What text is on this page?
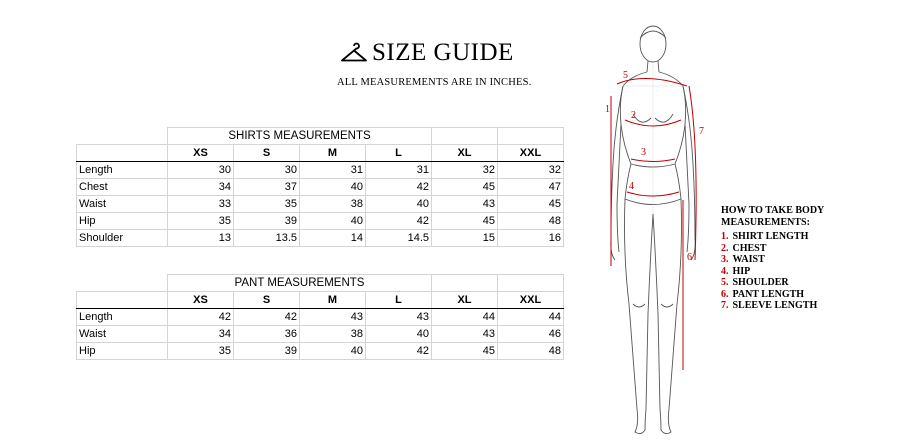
SIZE GUIDE
ALL MEASUREMENTS ARE IN INCHES.
	SHIRTS MEASUREMENTS					
	XS	S	M	L	XL	XXL
Length	30	30	31	31	32	32
Chest	34	37	40	42	45	47
Waist	33	35	38	40	43	45
Hip	35	39	40	42	45	48
Shoulder	13	13.5	14	14.5	15	16
	PANT MEASUREMENTS					
	XS	S	M	L	XL	XXL
Length	42	42	43	43	44	44
Waist	34	36	38	40	43	46
Hip	35	39	40	42	45	48
1
2
3
4
5
6
7
HOW TO TAKE BODY
MEASUREMENTS:
1. SHIRT LENGTH
2. CHEST
3. WAIST
4. HIP
5. SHOULDER
6. PANT LENGTH
7. SLEEVE LENGTH
